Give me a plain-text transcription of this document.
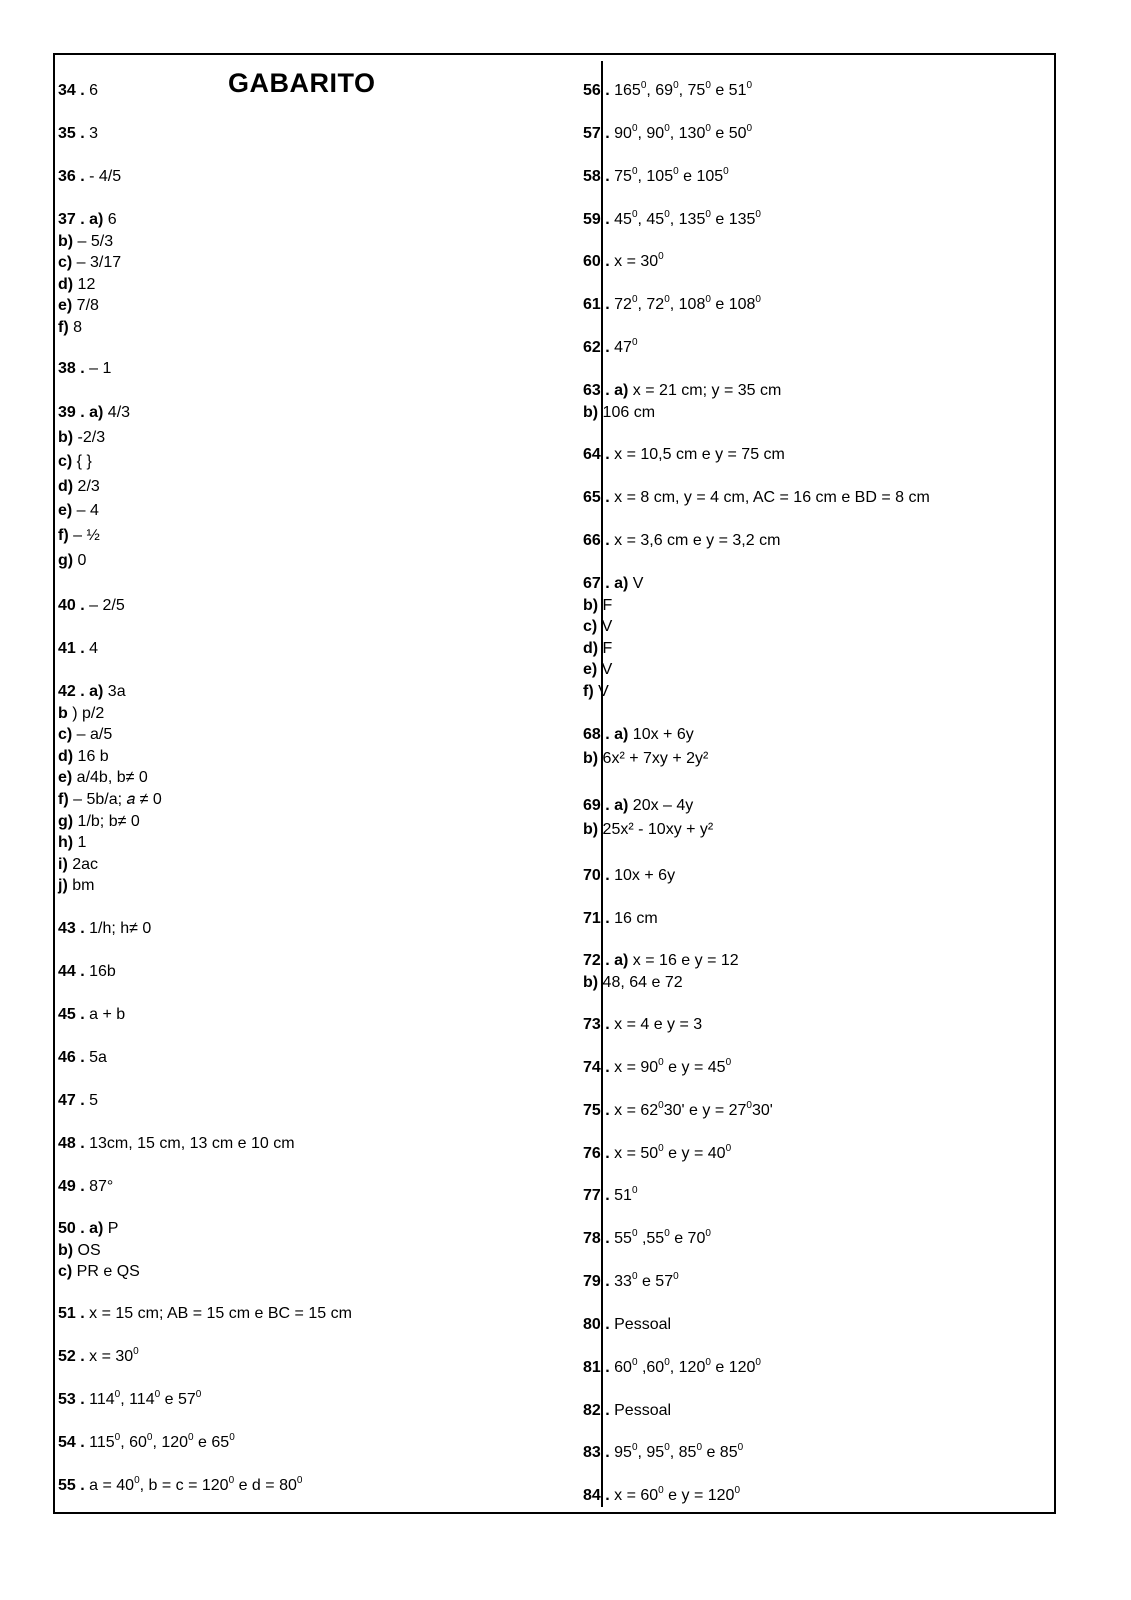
GABARITO
34 . 6
35 . 3
36 . - 4/5
37 . a) 6
b) – 5/3
c) – 3/17
d) 12
e) 7/8
f) 8
38 . – 1
39 . a) 4/3
b) -2/3
c) { }
d) 2/3
e) – 4
f) – ½
g) 0
40 . – 2/5
41 . 4
42 . a) 3a
b ) p/2
c) – a/5
d) 16 b
e) a/4b, b≠ 0
f) – 5b/a; 𝑎 ≠ 0
g) 1/b; b≠ 0
h) 1
i) 2ac
j) bm
43 . 1/h; h≠ 0
44 . 16b
45 . a + b
46 . 5a
47 . 5
48 . 13cm, 15 cm, 13 cm e 10 cm
49 . 87°
50 . a) P
b) OS
c) PR e QS
51 . x = 15 cm; AB = 15 cm e BC = 15 cm
52 . $x = 30^0$
53 . $114^0$, $114^0$ e $57^0$
54 . $115^0$, $60^0$, $120^0$ e $65^0$
55 . $a = 40^0$, $b = c = 120^0$ e $d = 80^0$
56 . $165^0$, $69^0$, $75^0$ e $51^0$
57 . $90^0$, $90^0$, $130^0$ e $50^0$
58 . $75^0$, $105^0$ e $105^0$
59 . $45^0$, $45^0$, $135^0$ e $135^0$
60 . $x = 30^0$
61 . $72^0$, $72^0$, $108^0$ e $108^0$
62 . $47^0$
63 . a) x = 21 cm; y = 35 cm
b) 106 cm
64 . x = 10,5 cm e y = 75 cm
65 . x = 8 cm, y = 4 cm, AC = 16 cm e BD = 8 cm
66 . x = 3,6 cm e y = 3,2 cm
67 . a) V
b) F
c) V
d) F
e) V
f) V
68 . a) 10x + 6y
b) 6x² + 7xy + 2y²
69 . a) 20x – 4y
b) 25x² - 10xy + y²
70 . 10x + 6y
71 . 16 cm
72 . a) x = 16 e y = 12
b) 48, 64 e 72
73 . x = 4 e y = 3
74 . $x = 90^0$ e $y = 45^0$
75 . $x = 62^030'$ e $y = 27^030'$
76 . $x = 50^0$ e $y = 40^0$
77 . $51^0$
78 . $55^0$ $,55^0$ e $70^0$
79 . $33^0$ e $57^0$
80 . Pessoal
81 . $60^0$ $,60^0$, $120^0$ e $120^0$
82 . Pessoal
83 . $95^0$, $95^0$, $85^0$ e $85^0$
84 . $x = 60^0$ e $y = 120^0$
